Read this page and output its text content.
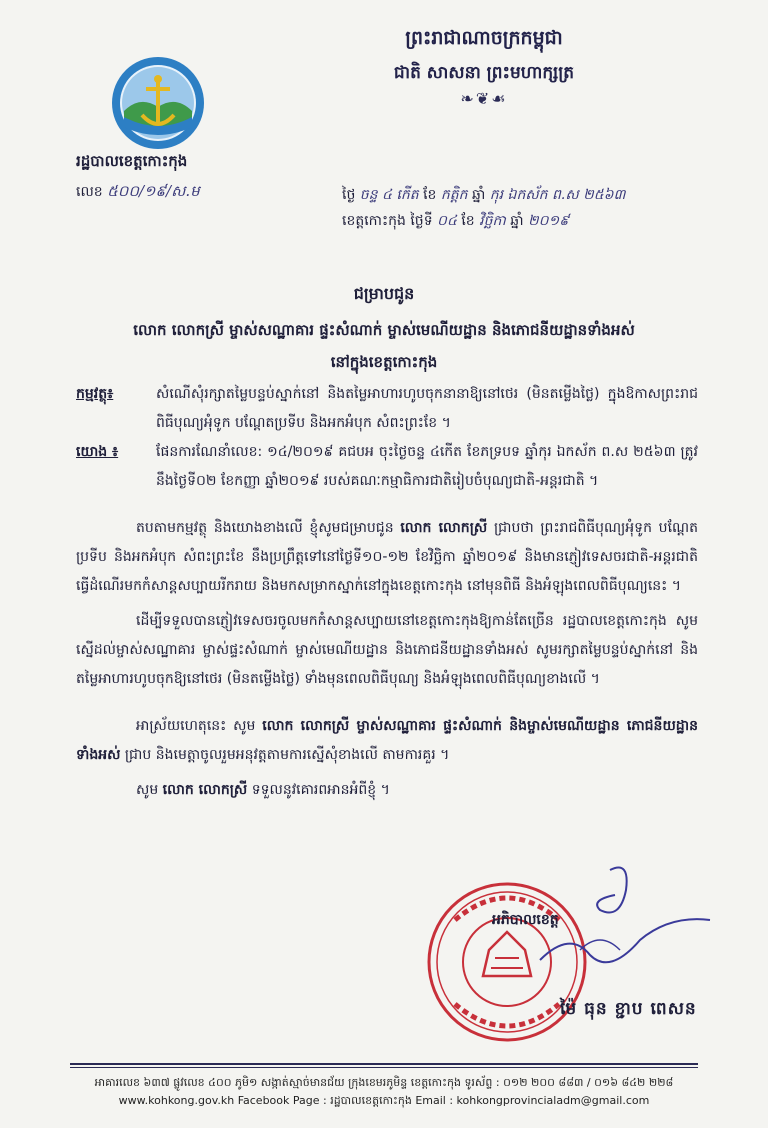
ព្រះរាជាណាចក្រកម្ពុជា
ជាតិ សាសនា ព្រះមហាក្សត្រ
❧❦☙
រដ្ឋបាលខេត្តកោះកុង
លេខ ៥០០/១៩/ស.ម	ថ្ងៃ ចន្ទ ៤ កើត ខែ កត្តិក ឆ្នាំ កុរ ឯកស័ក ព.ស ២៥៦៣
ខេត្តកោះកុង ថ្ងៃទី ០៤ ខែ វិច្ឆិកា ឆ្នាំ ២០១៩
ជម្រាបជូន
លោក លោកស្រី ម្ចាស់សណ្ឋាគារ ផ្ទះសំណាក់ ម្ចាស់មេណីយដ្ឋាន និងភោជនីយដ្ឋានទាំងអស់
នៅក្នុងខេត្តកោះកុង
កម្មវត្ថុ៖	សំណើសុំរក្សាតម្លៃបន្ទប់ស្នាក់នៅ និងតម្លៃអាហារហូបចុកនានាឱ្យនៅថេរ (មិនតម្លើងថ្លៃ) ក្នុងឱកាសព្រះរាជពិធីបុណ្យអុំទូក បណ្តែតប្រទីប និងអកអំបុក សំពះព្រះខែ ។
យោង ៖	ផែនការណែនាំលេខ: ១៤/២០១៩ គជបអ ចុះថ្ងៃចន្ទ ៤កើត ខែភទ្របទ ឆ្នាំកុរ ឯកស័ក ព.ស ២៥៦៣ ត្រូវនឹងថ្ងៃទី០២ ខែកញ្ញា ឆ្នាំ២០១៩ របស់គណៈកម្មាធិការជាតិរៀបចំបុណ្យជាតិ-អន្តរជាតិ ។
តបតាមកម្មវត្ថុ និងយោងខាងលើ ខ្ញុំសូមជម្រាបជូន លោក លោកស្រី ជ្រាបថា ព្រះរាជពិធីបុណ្យអុំទូក បណ្តែតប្រទីប និងអកអំបុក សំពះព្រះខែ នឹងប្រព្រឹត្តទៅនៅថ្ងៃទី១០-១២ ខែវិច្ឆិកា ឆ្នាំ២០១៩ និងមានភ្ញៀវទេសចរជាតិ-អន្តរជាតិ ធ្វើដំណើរមកកំសាន្តសប្បាយរីករាយ និងមកសម្រាកស្នាក់នៅក្នុងខេត្តកោះកុង នៅមុនពិធី និងអំឡុងពេលពិធីបុណ្យនេះ ។
ដើម្បីទទួលបានភ្ញៀវទេសចរចូលមកកំសាន្តសប្បាយនៅខេត្តកោះកុងឱ្យកាន់តែច្រើន រដ្ឋបាលខេត្តកោះកុង សូមស្នើដល់ម្ចាស់សណ្ឋាគារ ម្ចាស់ផ្ទះសំណាក់ ម្ចាស់មេណីយដ្ឋាន និងភោជនីយដ្ឋានទាំងអស់ សូមរក្សាតម្លៃបន្ទប់ស្នាក់នៅ និងតម្លៃអាហារហូបចុកឱ្យនៅថេរ (មិនតម្លើងថ្លៃ) ទាំងមុនពេលពិធីបុណ្យ និងអំឡុងពេលពិធីបុណ្យខាងលើ ។
អាស្រ័យហេតុនេះ សូម លោក លោកស្រី ម្ចាស់សណ្ឋាគារ ផ្ទះសំណាក់ និងម្ចាស់មេណីយដ្ឋាន ភោជនីយដ្ឋានទាំងអស់ ជ្រាប និងមេត្តាចូលរួមអនុវត្តតាមការស្នើសុំខាងលើ តាមការគួរ ។
សូម លោក លោកស្រី ទទួលនូវគោរពអានអំពីខ្ញុំ ។
អភិបាលខេត្ត
ម៉ៃ ធុន ខ្ជាប ពេសន
អាគារលេខ ៦៣៧ ផ្លូវលេខ ៤០០ ភូមិ១ សង្កាត់ស្មាច់មានជ័យ ក្រុងខេមរភូមិន្ទ ខេត្តកោះកុង ទូរស័ព្ទ : ០១២ ២០០ ៨៨៣ / ០១៦ ៨៤២ ២២៨
www.kohkong.gov.kh Facebook Page : រដ្ឋបាលខេត្តកោះកុង Email : kohkongprovincialadm@gmail.com
